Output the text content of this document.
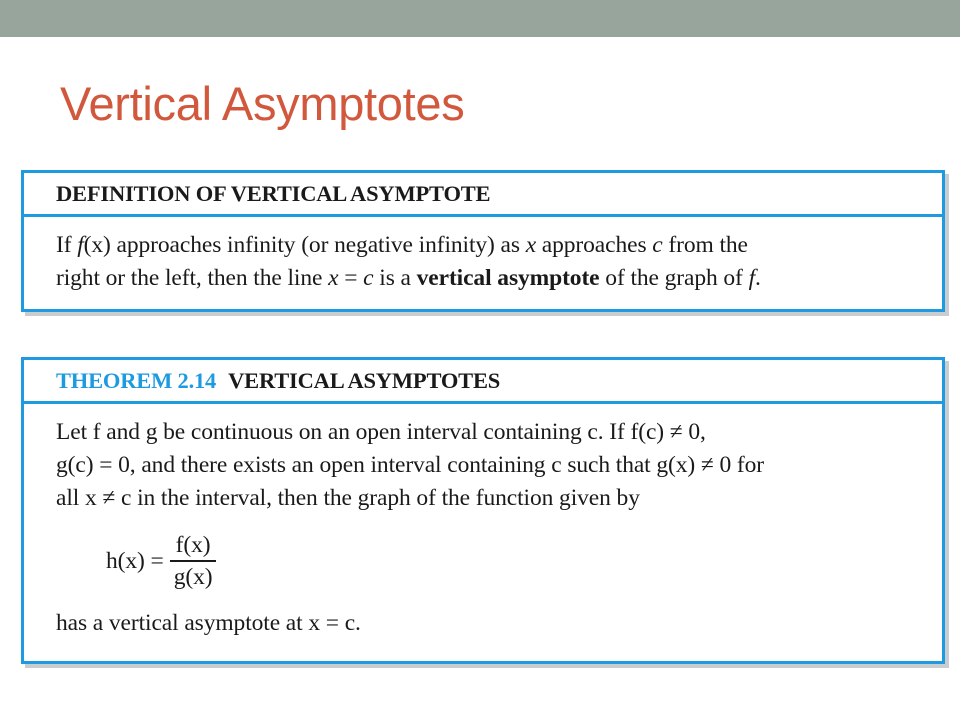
Vertical Asymptotes
DEFINITION OF VERTICAL ASYMPTOTE
If f(x) approaches infinity (or negative infinity) as x approaches c from the
right or the left, then the line x = c is a vertical asymptote of the graph of f.
THEOREM 2.14 VERTICAL ASYMPTOTES
Let f and g be continuous on an open interval containing c. If f(c) ≠ 0,
g(c) = 0, and there exists an open interval containing c such that g(x) ≠ 0 for
all x ≠ c in the interval, then the graph of the function given by
$h(x) = \frac{f(x)}{g(x)}$
has a vertical asymptote at x = c.
